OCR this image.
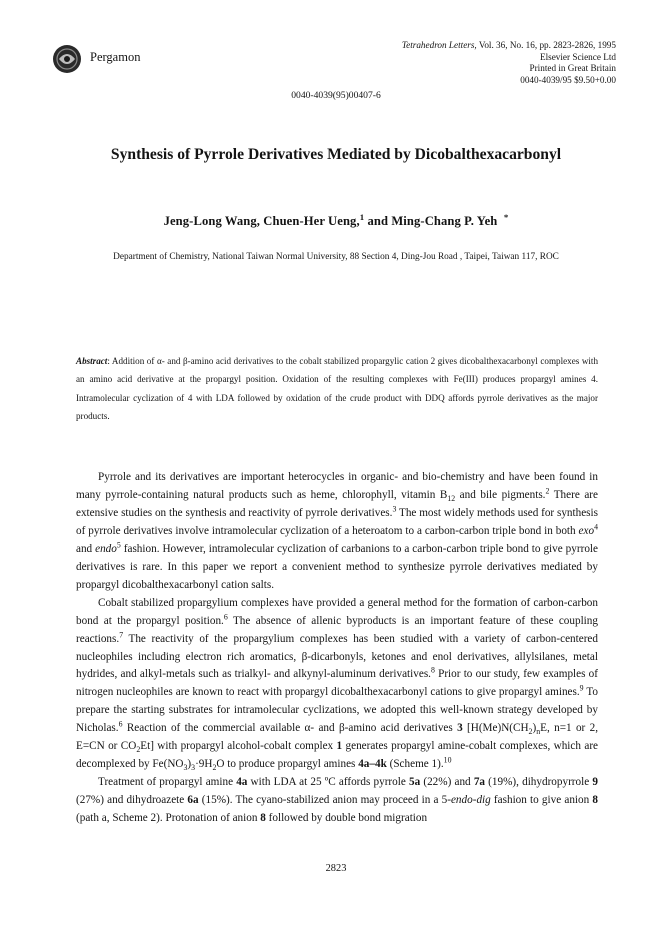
Pergamon
Tetrahedron Letters, Vol. 36, No. 16, pp. 2823-2826, 1995
Elsevier Science Ltd
Printed in Great Britain
0040-4039/95 $9.50+0.00
0040-4039(95)00407-6
Synthesis of Pyrrole Derivatives Mediated by Dicobalthexacarbonyl
Jeng-Long Wang, Chuen-Her Ueng,$^1$ and Ming-Chang P. Yeh *
Department of Chemistry, National Taiwan Normal University, 88 Section 4, Ding-Jou Road , Taipei, Taiwan 117, ROC
Abstract: Addition of α- and β-amino acid derivatives to the cobalt stabilized propargylic cation 2 gives dicobalthexacarbonyl complexes with an amino acid derivative at the propargyl position. Oxidation of the resulting complexes with Fe(III) produces propargyl amines 4. Intramolecular cyclization of 4 with LDA followed by oxidation of the crude product with DDQ affords pyrrole derivatives as the major products.

Pyrrole and its derivatives are important heterocycles in organic- and bio-chemistry and have been found in many pyrrole-containing natural products such as heme, chlorophyll, vitamin $B_{12}$ and bile pigments.$^2$ There are extensive studies on the synthesis and reactivity of pyrrole derivatives.$^3$ The most widely methods used for synthesis of pyrrole derivatives involve intramolecular cyclization of a heteroatom to a carbon-carbon triple bond in both exo$^4$ and endo$^5$ fashion. However, intramolecular cyclization of carbanions to a carbon-carbon triple bond to give pyrrole derivatives is rare. In this paper we report a convenient method to synthesize pyrrole derivatives mediated by propargyl dicobalthexacarbonyl cation salts.

Cobalt stabilized propargylium complexes have provided a general method for the formation of carbon-carbon bond at the propargyl position.$^6$ The absence of allenic byproducts is an important feature of these coupling reactions.$^7$ The reactivity of the propargylium complexes has been studied with a variety of carbon-centered nucleophiles including electron rich aromatics, β-dicarbonyls, ketones and enol derivatives, allylsilanes, metal hydrides, and alkyl-metals such as trialkyl- and alkynyl-aluminum derivatives.$^8$ Prior to our study, few examples of nitrogen nucleophiles are known to react with propargyl dicobalthexacarbonyl cations to give propargyl amines.$^9$ To prepare the starting substrates for intramolecular cyclizations, we adopted this well-known strategy developed by Nicholas.$^6$ Reaction of the commercial available α- and β-amino acid derivatives 3 [$H(Me)N(CH_2)_nE$, n=1 or 2, E=CN or $CO_2Et$] with propargyl alcohol-cobalt complex 1 generates propargyl amine-cobalt complexes, which are decomplexed by $Fe(NO_3)_3\cdot 9H_2O$ to produce propargyl amines 4a–4k (Scheme 1).$^{10}$

Treatment of propargyl amine 4a with LDA at 25 ºC affords pyrrole 5a (22%) and 7a (19%), dihydropyrrole 9 (27%) and dihydroazete 6a (15%). The cyano-stabilized anion may proceed in a 5-endo-dig fashion to give anion 8 (path a, Scheme 2). Protonation of anion 8 followed by double bond migration

2823
